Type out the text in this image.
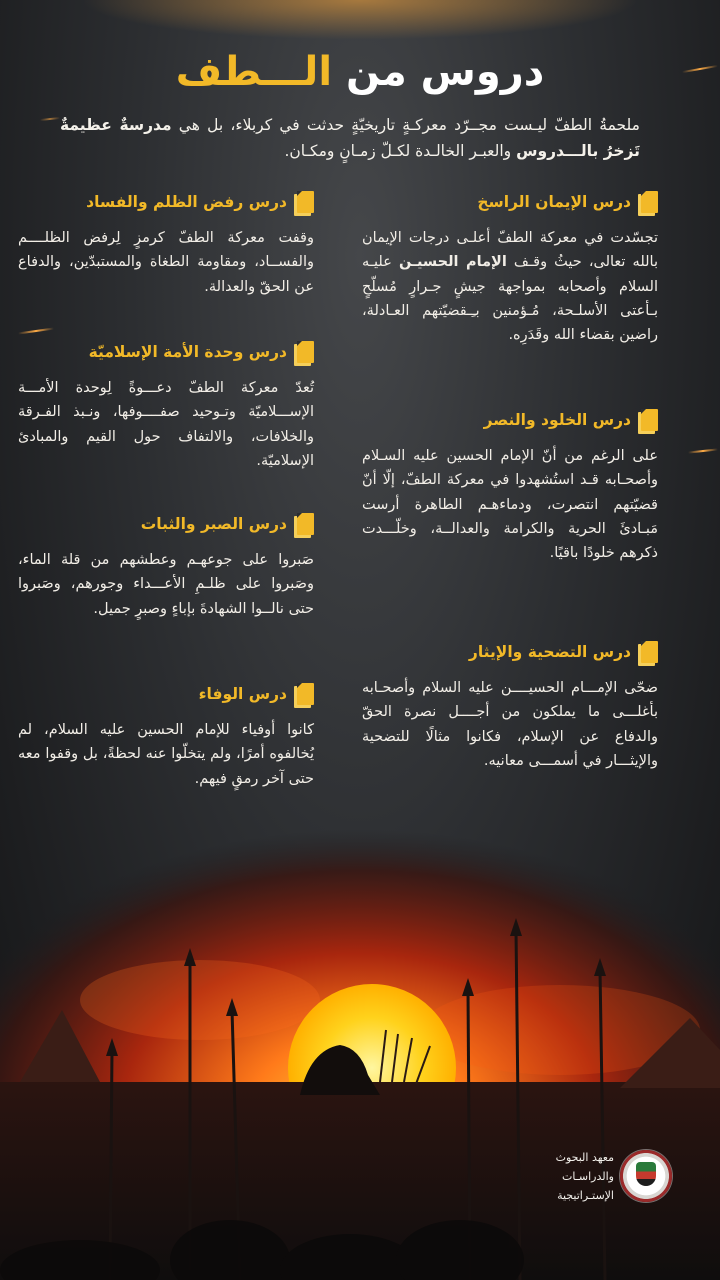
دروس من الـــطف

ملحمةُ الطفّ ليـست مجــرّد معركـةٍ تاريخيّةٍ حدثت في كربلاء، بل هي مدرسةٌ عظيمةٌ تَزخرُ بالـــدروس والعبـر الخالـدة لكـلّ زمـانٍ ومكـان.

درس الإيمان الراسخ

تجسّدت في معركة الطفّ أعلـى درجات الإيمان بالله تعالى، حيثُ وقـف الإمام الحسيـن عليـه السلام وأصحابه بمواجهة جيشٍ جـرارٍ مُسلّحٍ بـأعتى الأسلـحة، مُـؤمنين بـِـقضيّتهم العـادلة، راضين بقضاء الله وقَدَرِه.

درس الخلود والنصر

على الرغم من أنّ الإمام الحسين عليه السـلام وأصحـابه قـد استُشهدوا في معركة الطفّ، إلّا أنّ قضيّتهم انتصرت، ودماءهـم الطاهرة أرست مَبـادئَ الحرية والكرامة والعدالــة، وخلّـــدت ذكرهم خلودًا باقيًا.

درس التضحية والإيثار

ضحّى الإمـــام الحسيــــن عليه السلام وأصحـابه بأغلـــى ما يملكون من أجــــل نصرة الحقّ والدفاع عن الإسلام، فكانوا مثالًا للتضحية والإيثـــار في أسمـــى معانيه.

درس رفض الظلم والفساد

وقفت معركة الطفّ كرمزٍ لِرفض الظلــــم والفســاد، ومقاومة الطغاة والمستبدّين، والدفاع عن الحقّ والعدالة.

درس وحدة الأمة الإسلاميّة

تُعدّ معركة الطفّ دعـــوةً لِوحدة الأمـــة الإســـلاميّة وتـوحيد صفــــوفها، ونـبذ الفـرقة والخلافات، والالتفاف حول القيم والمبادئ الإسلاميّة.

درس الصبر والثبات

صَبروا على جوعهـم وعطشهم من قلة الماء، وصَبروا على ظلـمِ الأعـــداء وجورهم، وصَبروا حتى نالــوا الشهادةَ بإباءٍ وصبرٍ جميل.

درس الوفاء

كانوا أوفياء للإمام الحسين عليه السلام، لم يُخالفوه أمرًا، ولم يتخلّوا عنه لحظةً، بل وقفوا معه حتى آخر رمقٍ فيهم.

معهد البحوث
والدراسـات
الإستـراتيجية
